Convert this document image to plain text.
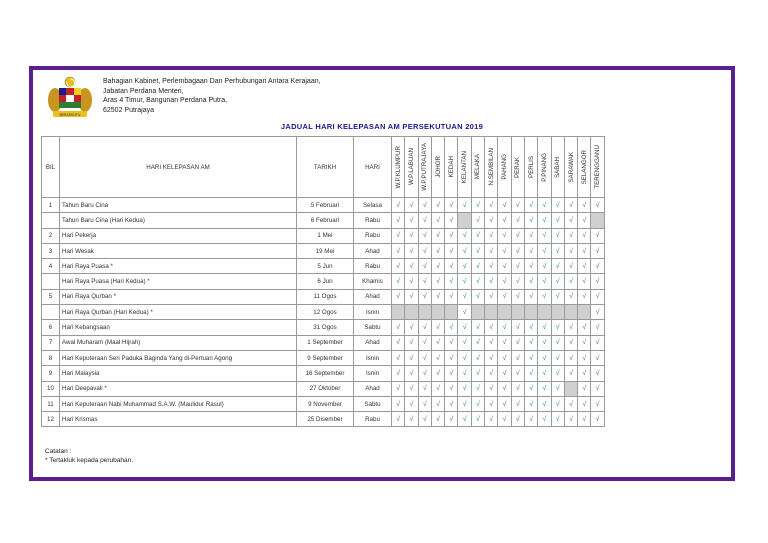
BERSEKUTU
Bahagian Kabinet, Perlembagaan Dan Perhubungan Antara Kerajaan,
Jabatan Perdana Menteri,
Aras 4 Timur, Bangunan Perdana Putra,
62502 Putrajaya
JADUAL HARI KELEPASAN AM PERSEKUTUAN 2019
BIL	HARI KELEPASAN AM	TARIKH	HARI	W.P.KLUMPUR	W.P.LABUAN	W.P.PUTRAJAYA	JOHOR	KEDAH	KELANTAN	MELAKA	N.SEMBILAN	PAHANG	PERAK	PERLIS	P.PINANG	SABAH	SARAWAK	SELANGOR	TERENGGANU

1	Tahun Baru Cina	5 Februari	Selasa	√	√	√	√	√	√	√	√	√	√	√	√	√	√	√	√
	Tahun Baru Cina (Hari Kedua)	6 Februari	Rabu	√	√	√	√	√		√	√	√	√	√	√	√	√	√	
2	Hari Pekerja	1 Mei	Rabu	√	√	√	√	√	√	√	√	√	√	√	√	√	√	√	√
3	Hari Wesak	19 Mei	Ahad	√	√	√	√	√	√	√	√	√	√	√	√	√	√	√	√
4	Hari Raya Puasa *	5 Jun	Rabu	√	√	√	√	√	√	√	√	√	√	√	√	√	√	√	√
	Hari Raya Puasa (Hari Kedua) *	6 Jun	Khamis	√	√	√	√	√	√	√	√	√	√	√	√	√	√	√	√
5	Hari Raya Qurban *	11 Ogos	Ahad	√	√	√	√	√	√	√	√	√	√	√	√	√	√	√	√
	Hari Raya Qurban (Hari Kedua) *	12 Ogos	Isnin						√										√
6	Hari Kebangsaan	31 Ogos	Sabtu	√	√	√	√	√	√	√	√	√	√	√	√	√	√	√	√
7	Awal Muharam (Maal Hijrah)	1 September	Ahad	√	√	√	√	√	√	√	√	√	√	√	√	√	√	√	√
8	Hari Keputeraan Seri Paduka Baginda Yang di-Pertuan Agong	9 September	Isnin	√	√	√	√	√	√	√	√	√	√	√	√	√	√	√	√
9	Hari Malaysia	16 September	Isnin	√	√	√	√	√	√	√	√	√	√	√	√	√	√	√	√
10	Hari Deepavali *	27 Oktober	Ahad	√	√	√	√	√	√	√	√	√	√	√	√	√		√	√
11	Hari Keputeraan Nabi Muhammad S.A.W. (Maulidur Rasul)	9 November	Sabtu	√	√	√	√	√	√	√	√	√	√	√	√	√	√	√	√
12	Hari Krismas	25 Disember	Rabu	√	√	√	√	√	√	√	√	√	√	√	√	√	√	√	√
Catatan :
* Tertakluk kepada perubahan.
